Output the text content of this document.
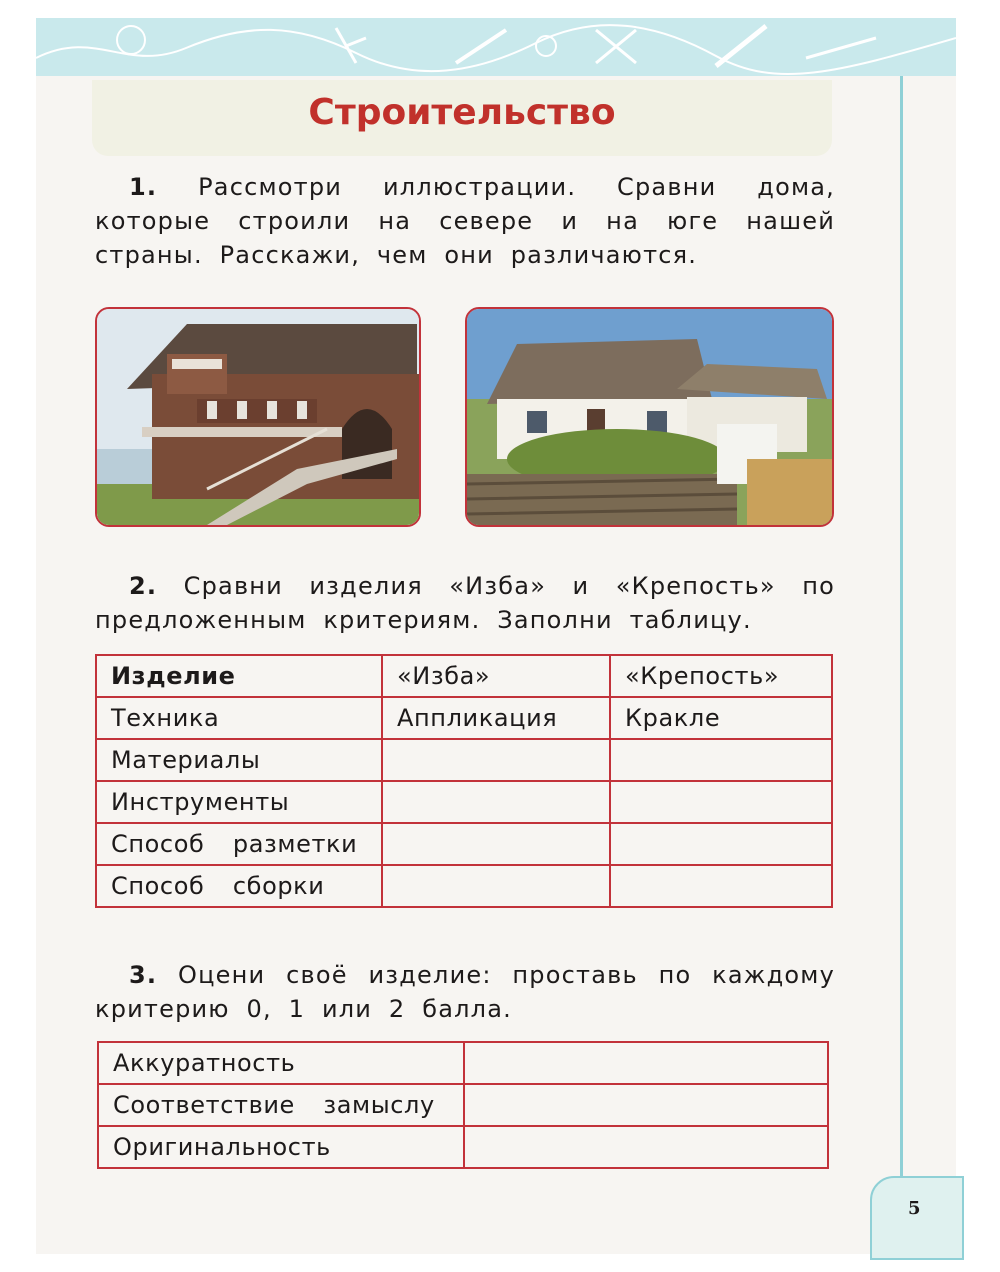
Строительство
1. Рассмотри иллюстрации. Сравни дома, которые строили на севере и на юге нашей страны. Расскажи, чем они различаются.
2. Сравни изделия «Изба» и «Крепость» по предложенным критериям. Заполни таблицу.
Изделие	«Изба»	«Крепость»
Техника	Аппликация	Кракле
Материалы		
Инструменты		
Способ  разметки		
Способ  сборки		
3. Оцени своё изделие: проставь по каждому критерию 0, 1 или 2 балла.
Аккуратность	
Соответствие  замыслу	
Оригинальность	
5
